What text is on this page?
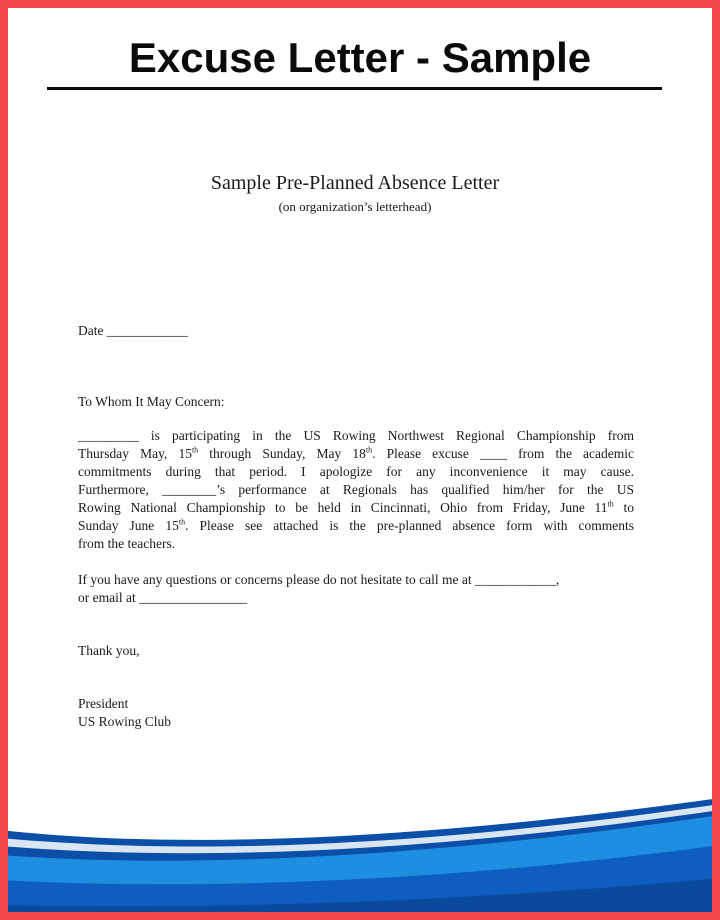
Excuse Letter - Sample
Sample Pre-Planned Absence Letter
(on organization’s letterhead)
Date ____________
To Whom It May Concern:
_________ is participating in the US Rowing Northwest Regional Championship from
Thursday May, 15th through Sunday, May 18th. Please excuse ____ from the academic
commitments during that period. I apologize for any inconvenience it may cause.
Furthermore, ________’s performance at Regionals has qualified him/her for the US
Rowing National Championship to be held in Cincinnati, Ohio from Friday, June 11th to
Sunday June 15th. Please see attached is the pre-planned absence form with comments
from the teachers.
If you have any questions or concerns please do not hesitate to call me at ____________,
or email at ________________
Thank you,
President
US Rowing Club
